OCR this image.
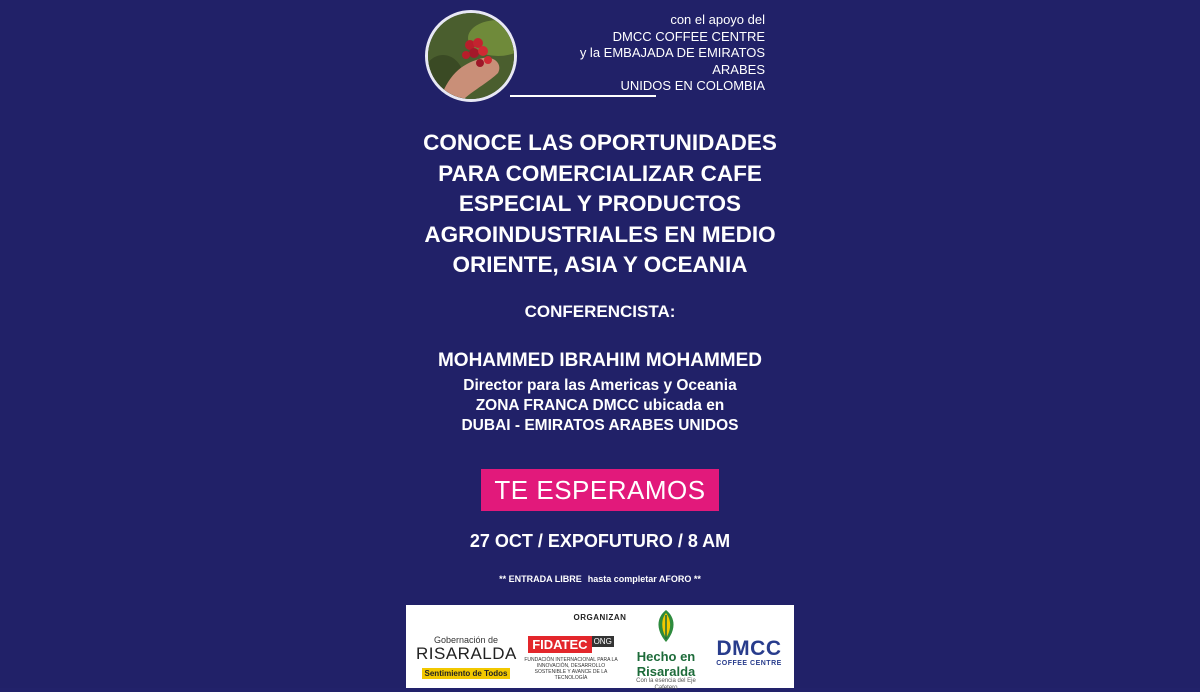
con el apoyo del
DMCC COFFEE CENTRE
y la EMBAJADA DE EMIRATOS ARABES
UNIDOS EN COLOMBIA
CONOCE LAS OPORTUNIDADES
PARA COMERCIALIZAR CAFE
ESPECIAL Y PRODUCTOS
AGROINDUSTRIALES EN MEDIO
ORIENTE, ASIA Y OCEANIA
CONFERENCISTA:
MOHAMMED IBRAHIM MOHAMMED
Director para las Americas y Oceania
ZONA FRANCA DMCC ubicada en
DUBAI - EMIRATOS ARABES UNIDOS
TE ESPERAMOS
27 OCT / EXPOFUTURO / 8 AM
** ENTRADA LIBRE hasta completar AFORO **
ORGANIZAN
Gobernación de
RISARALDA
Sentimiento de Todos
FIDATEC ONG
FUNDACIÓN INTERNACIONAL PARA LA INNOVACIÓN, DESARROLLO SOSTENIBLE Y AVANCE DE LA TECNOLOGÍA
Hecho en
Risaralda
Con la esencia del Eje Cafetero
DMCC
COFFEE CENTRE
